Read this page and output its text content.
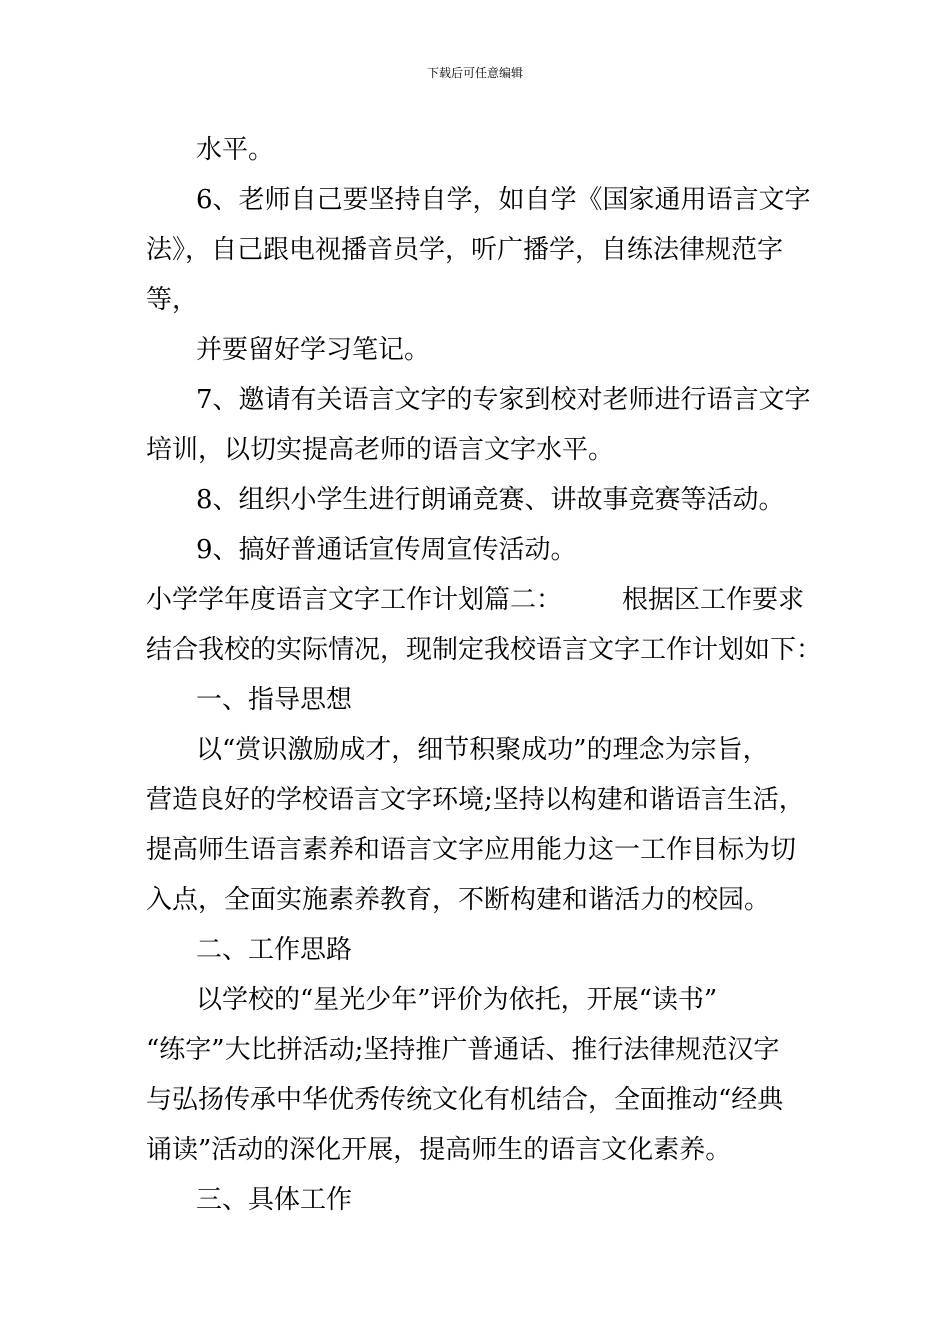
下载后可任意编辑
水平。
6、老师自己要坚持自学，如自学《国家通用语言文字
法》，自己跟电视播音员学，听广播学，自练法律规范字
等，
并要留好学习笔记。
7、邀请有关语言文字的专家到校对老师进行语言文字
培训，以切实提高老师的语言文字水平。
8、组织小学生进行朗诵竞赛、讲故事竞赛等活动。
9、搞好普通话宣传周宣传活动。
小学学年度语言文字工作计划篇二： 根据区工作要求
结合我校的实际情况，现制定我校语言文字工作计划如下：
一、指导思想
以“赏识激励成才，细节积聚成功”的理念为宗旨，
营造良好的学校语言文字环境;坚持以构建和谐语言生活，
提高师生语言素养和语言文字应用能力这一工作目标为切
入点，全面实施素养教育，不断构建和谐活力的校园。
二、工作思路
以学校的“星光少年”评价为依托，开展“读书”
“练字”大比拼活动;坚持推广普通话、推行法律规范汉字
与弘扬传承中华优秀传统文化有机结合，全面推动“经典
诵读”活动的深化开展，提高师生的语言文化素养。
三、具体工作
